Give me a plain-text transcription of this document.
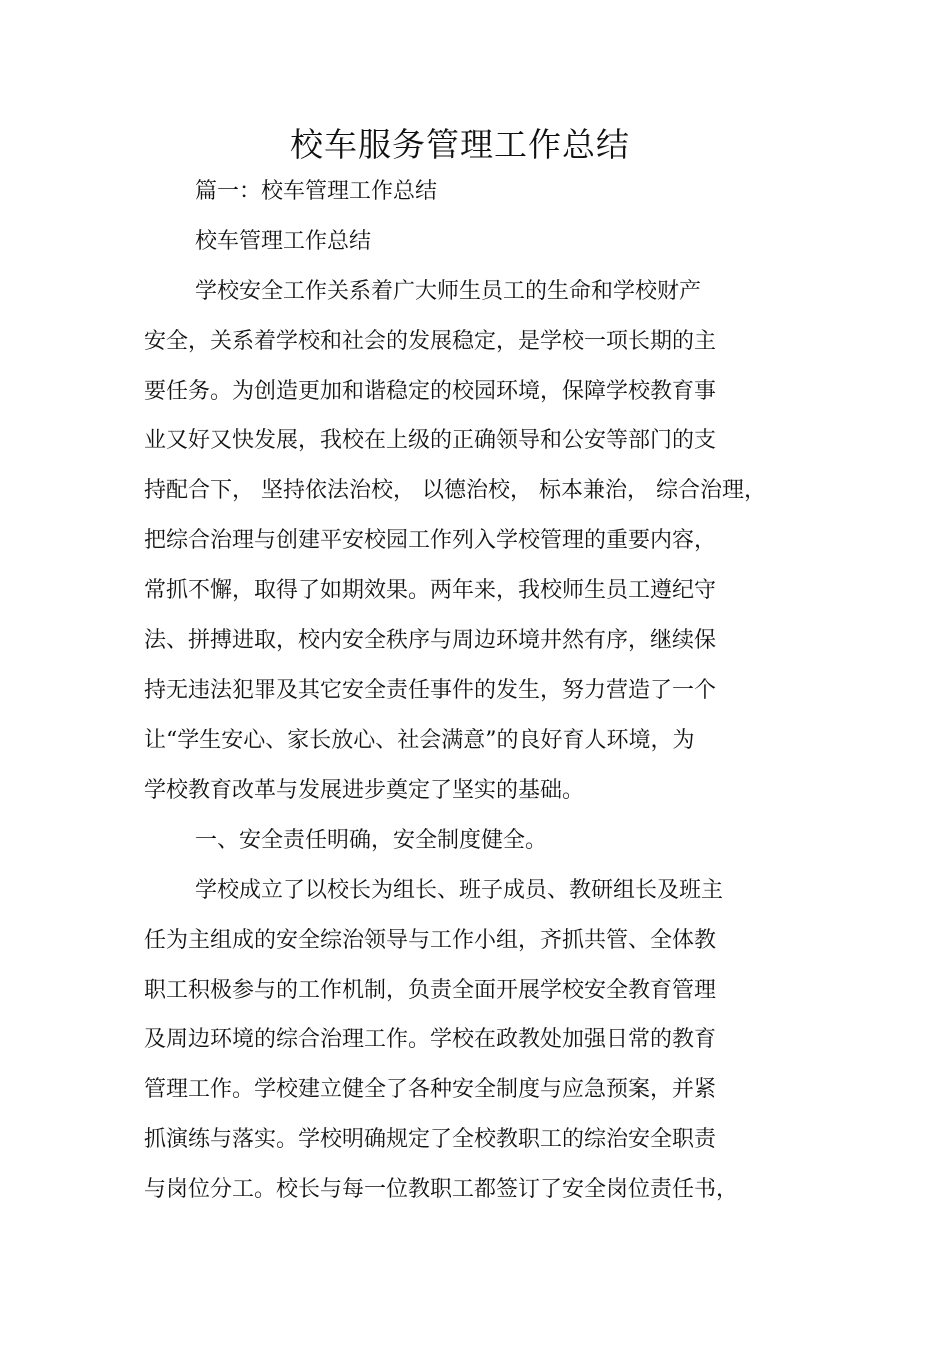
校车服务管理工作总结
篇一：校车管理工作总结
校车管理工作总结
学校安全工作关系着广大师生员工的生命和学校财产
安全，关系着学校和社会的发展稳定，是学校一项长期的主
要任务。为创造更加和谐稳定的校园环境，保障学校教育事
业又好又快发展，我校在上级的正确领导和公安等部门的支
持配合下， 坚持依法治校， 以德治校， 标本兼治， 综合治理，
把综合治理与创建平安校园工作列入学校管理的重要内容，
常抓不懈，取得了如期效果。两年来，我校师生员工遵纪守
法、拼搏进取，校内安全秩序与周边环境井然有序，继续保
持无违法犯罪及其它安全责任事件的发生，努力营造了一个
让“学生安心、家长放心、社会满意”的良好育人环境，为
学校教育改革与发展进步奠定了坚实的基础。
一、安全责任明确，安全制度健全。
学校成立了以校长为组长、班子成员、教研组长及班主
任为主组成的安全综治领导与工作小组，齐抓共管、全体教
职工积极参与的工作机制，负责全面开展学校安全教育管理
及周边环境的综合治理工作。学校在政教处加强日常的教育
管理工作。学校建立健全了各种安全制度与应急预案，并紧
抓演练与落实。学校明确规定了全校教职工的综治安全职责
与岗位分工。校长与每一位教职工都签订了安全岗位责任书，
